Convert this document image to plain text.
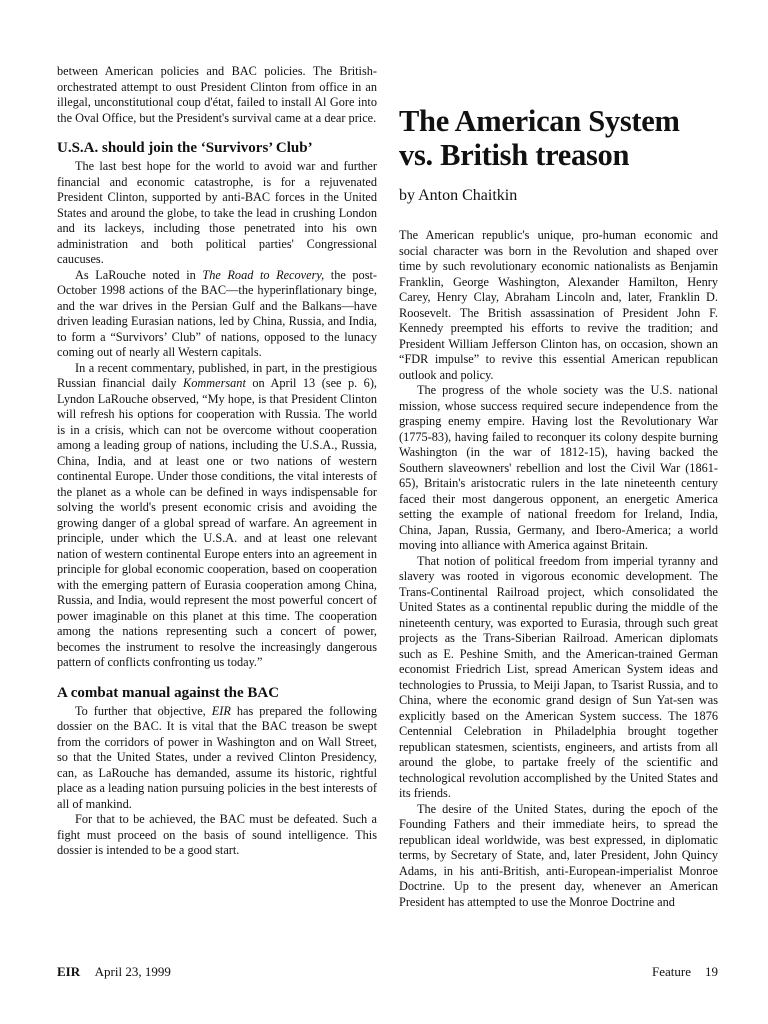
between American policies and BAC policies. The British-orchestrated attempt to oust President Clinton from office in an illegal, unconstitutional coup d'état, failed to install Al Gore into the Oval Office, but the President's survival came at a dear price.

U.S.A. should join the ‘Survivors’ Club’

The last best hope for the world to avoid war and further financial and economic catastrophe, is for a rejuvenated President Clinton, supported by anti-BAC forces in the United States and around the globe, to take the lead in crushing London and its lackeys, including those penetrated into his own administration and both political parties' Congressional caucuses.

As LaRouche noted in The Road to Recovery, the post-October 1998 actions of the BAC—the hyperinflationary binge, and the war drives in the Persian Gulf and the Balkans—have driven leading Eurasian nations, led by China, Russia, and India, to form a “Survivors’ Club” of nations, opposed to the lunacy coming out of nearly all Western capitals.

In a recent commentary, published, in part, in the prestigious Russian financial daily Kommersant on April 13 (see p. 6), Lyndon LaRouche observed, “My hope, is that President Clinton will refresh his options for cooperation with Russia. The world is in a crisis, which can not be overcome without cooperation among a leading group of nations, including the U.S.A., Russia, China, India, and at least one or two nations of western continental Europe. Under those conditions, the vital interests of the planet as a whole can be defined in ways indispensable for solving the world's present economic crisis and avoiding the growing danger of a global spread of warfare. An agreement in principle, under which the U.S.A. and at least one relevant nation of western continental Europe enters into an agreement in principle for global economic cooperation, based on cooperation with the emerging pattern of Eurasia cooperation among China, Russia, and India, would represent the most powerful concert of power imaginable on this planet at this time. The cooperation among the nations representing such a concert of power, becomes the instrument to resolve the increasingly dangerous pattern of conflicts confronting us today.”

A combat manual against the BAC

To further that objective, EIR has prepared the following dossier on the BAC. It is vital that the BAC treason be swept from the corridors of power in Washington and on Wall Street, so that the United States, under a revived Clinton Presidency, can, as LaRouche has demanded, assume its historic, rightful place as a leading nation pursuing policies in the best interests of all of mankind.

For that to be achieved, the BAC must be defeated. Such a fight must proceed on the basis of sound intelligence. This dossier is intended to be a good start.

The American System
vs. British treason
by Anton Chaitkin

The American republic's unique, pro-human economic and social character was born in the Revolution and shaped over time by such revolutionary economic nationalists as Benjamin Franklin, George Washington, Alexander Hamilton, Henry Carey, Henry Clay, Abraham Lincoln and, later, Franklin D. Roosevelt. The British assassination of President John F. Kennedy preempted his efforts to revive the tradition; and President William Jefferson Clinton has, on occasion, shown an “FDR impulse” to revive this essential American republican outlook and policy.

The progress of the whole society was the U.S. national mission, whose success required secure independence from the grasping enemy empire. Having lost the Revolutionary War (1775-83), having failed to reconquer its colony despite burning Washington (in the war of 1812-15), having backed the Southern slaveowners' rebellion and lost the Civil War (1861-65), Britain's aristocratic rulers in the late nineteenth century faced their most dangerous opponent, an energetic America setting the example of national freedom for Ireland, India, China, Japan, Russia, Germany, and Ibero-America; a world moving into alliance with America against Britain.

That notion of political freedom from imperial tyranny and slavery was rooted in vigorous economic development. The Trans-Continental Railroad project, which consolidated the United States as a continental republic during the middle of the nineteenth century, was exported to Eurasia, through such great projects as the Trans-Siberian Railroad. American diplomats such as E. Peshine Smith, and the American-trained German economist Friedrich List, spread American System ideas and technologies to Prussia, to Meiji Japan, to Tsarist Russia, and to China, where the economic grand design of Sun Yat-sen was explicitly based on the American System success. The 1876 Centennial Celebration in Philadelphia brought together republican statesmen, scientists, engineers, and artists from all around the globe, to partake freely of the scientific and technological revolution accomplished by the United States and its friends.

The desire of the United States, during the epoch of the Founding Fathers and their immediate heirs, to spread the republican ideal worldwide, was best expressed, in diplomatic terms, by Secretary of State, and, later President, John Quincy Adams, in his anti-British, anti-European-imperialist Monroe Doctrine. Up to the present day, whenever an American President has attempted to use the Monroe Doctrine and

EIR April 23, 1999	Feature 19
